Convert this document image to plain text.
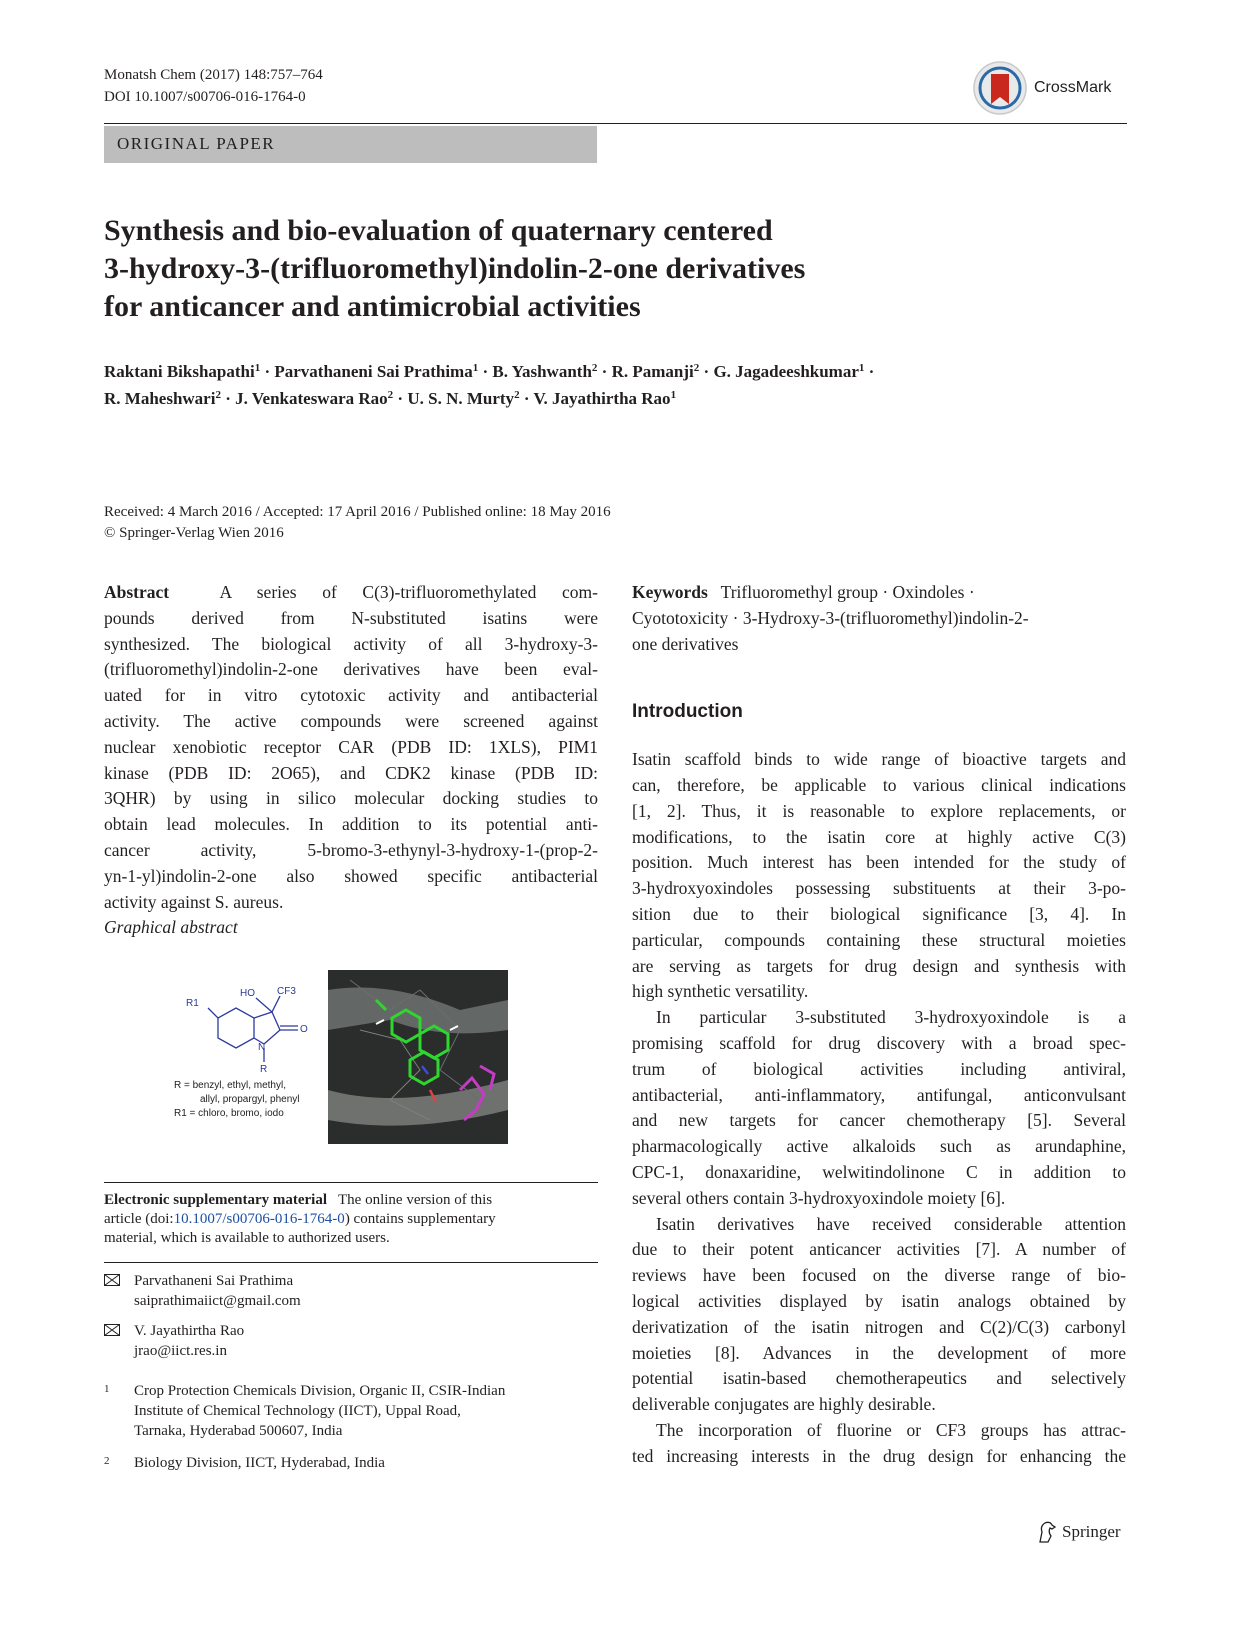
Monatsh Chem (2017) 148:757–764
DOI 10.1007/s00706-016-1764-0
CrossMark
ORIGINAL PAPER
Synthesis and bio-evaluation of quaternary centered
3-hydroxy-3-(trifluoromethyl)indolin-2-one derivatives
for anticancer and antimicrobial activities
Raktani Bikshapathi$^1$ · Parvathaneni Sai Prathima$^1$ · B. Yashwanth$^2$ · R. Pamanji$^2$ · G. Jagadeeshkumar$^1$ ·
R. Maheshwari$^2$ · J. Venkateswara Rao$^2$ · U. S. N. Murty$^2$ · V. Jayathirtha Rao$^1$
Received: 4 March 2016 / Accepted: 17 April 2016 / Published online: 18 May 2016
© Springer-Verlag Wien 2016
Abstract	A series of C(3)-trifluoromethylated com-
pounds derived from N-substituted isatins were
synthesized. The biological activity of all 3-hydroxy-3-
(trifluoromethyl)indolin-2-one derivatives have been eval-
uated for in vitro cytotoxic activity and antibacterial
activity. The active compounds were screened against
nuclear xenobiotic receptor CAR (PDB ID: 1XLS), PIM1
kinase (PDB ID: 2O65), and CDK2 kinase (PDB ID:
3QHR) by using in silico molecular docking studies to
obtain lead molecules. In addition to its potential anti-
cancer activity, 5-bromo-3-ethynyl-3-hydroxy-1-(prop-2-
yn-1-yl)indolin-2-one also showed specific antibacterial
activity against S. aureus.
Graphical abstract
HO CF3
R1
N
O
R
R = benzyl, ethyl, methyl,
allyl, propargyl, phenyl
R1 = chloro, bromo, iodo
Electronic supplementary material The online version of this
article (doi:10.1007/s00706-016-1764-0) contains supplementary
material, which is available to authorized users.
Parvathaneni Sai Prathima
saiprathimaiict@gmail.com
V. Jayathirtha Rao
jrao@iict.res.in
1 Crop Protection Chemicals Division, Organic II, CSIR-Indian
Institute of Chemical Technology (IICT), Uppal Road,
Tarnaka, Hyderabad 500607, India
2 Biology Division, IICT, Hyderabad, India
Keywords Trifluoromethyl group · Oxindoles ·
Cyototoxicity · 3-Hydroxy-3-(trifluoromethyl)indolin-2-
one derivatives
Introduction
Isatin scaffold binds to wide range of bioactive targets and
can, therefore, be applicable to various clinical indications
[1, 2]. Thus, it is reasonable to explore replacements, or
modifications, to the isatin core at highly active C(3)
position. Much interest has been intended for the study of
3-hydroxyoxindoles possessing substituents at their 3-po-
sition due to their biological significance [3, 4]. In
particular, compounds containing these structural moieties
are serving as targets for drug design and synthesis with
high synthetic versatility.
In particular 3-substituted 3-hydroxyoxindole is a
promising scaffold for drug discovery with a broad spec-
trum of biological activities including antiviral,
antibacterial, anti-inflammatory, antifungal, anticonvulsant
and new targets for cancer chemotherapy [5]. Several
pharmacologically active alkaloids such as arundaphine,
CPC-1, donaxaridine, welwitindolinone C in addition to
several others contain 3-hydroxyoxindole moiety [6].
Isatin derivatives have received considerable attention
due to their potent anticancer activities [7]. A number of
reviews have been focused on the diverse range of bio-
logical activities displayed by isatin analogs obtained by
derivatization of the isatin nitrogen and C(2)/C(3) carbonyl
moieties [8]. Advances in the development of more
potential isatin-based chemotherapeutics and selectively
deliverable conjugates are highly desirable.
The incorporation of fluorine or CF3 groups has attrac-
ted increasing interests in the drug design for enhancing the
Springer
